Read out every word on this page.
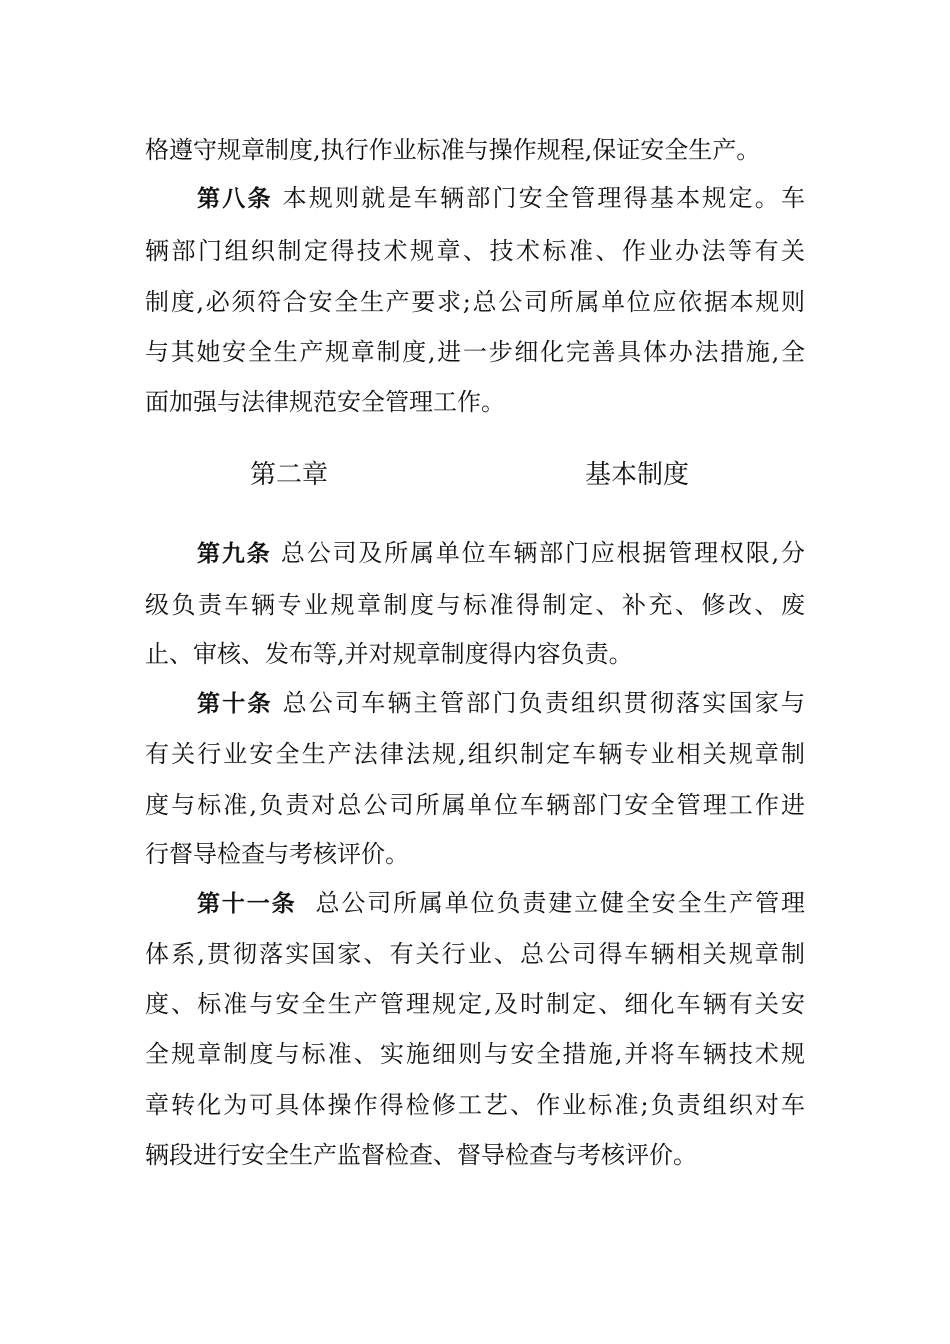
格遵守规章制度,执行作业标准与操作规程,保证安全生产。
第八条 本规则就是车辆部门安全管理得基本规定。车
辆部门组织制定得技术规章、技术标准、作业办法等有关
制度,必须符合安全生产要求;总公司所属单位应依据本规则
与其她安全生产规章制度,进一步细化完善具体办法措施,全
面加强与法律规范安全管理工作。
第二章	基本制度
第九条 总公司及所属单位车辆部门应根据管理权限,分
级负责车辆专业规章制度与标准得制定、补充、修改、废
止、审核、发布等,并对规章制度得内容负责。
第十条 总公司车辆主管部门负责组织贯彻落实国家与
有关行业安全生产法律法规,组织制定车辆专业相关规章制
度与标准,负责对总公司所属单位车辆部门安全管理工作进
行督导检查与考核评价。
第十一条 总公司所属单位负责建立健全安全生产管理
体系,贯彻落实国家、有关行业、总公司得车辆相关规章制
度、标准与安全生产管理规定,及时制定、细化车辆有关安
全规章制度与标准、实施细则与安全措施,并将车辆技术规
章转化为可具体操作得检修工艺、作业标准;负责组织对车
辆段进行安全生产监督检查、督导检查与考核评价。
